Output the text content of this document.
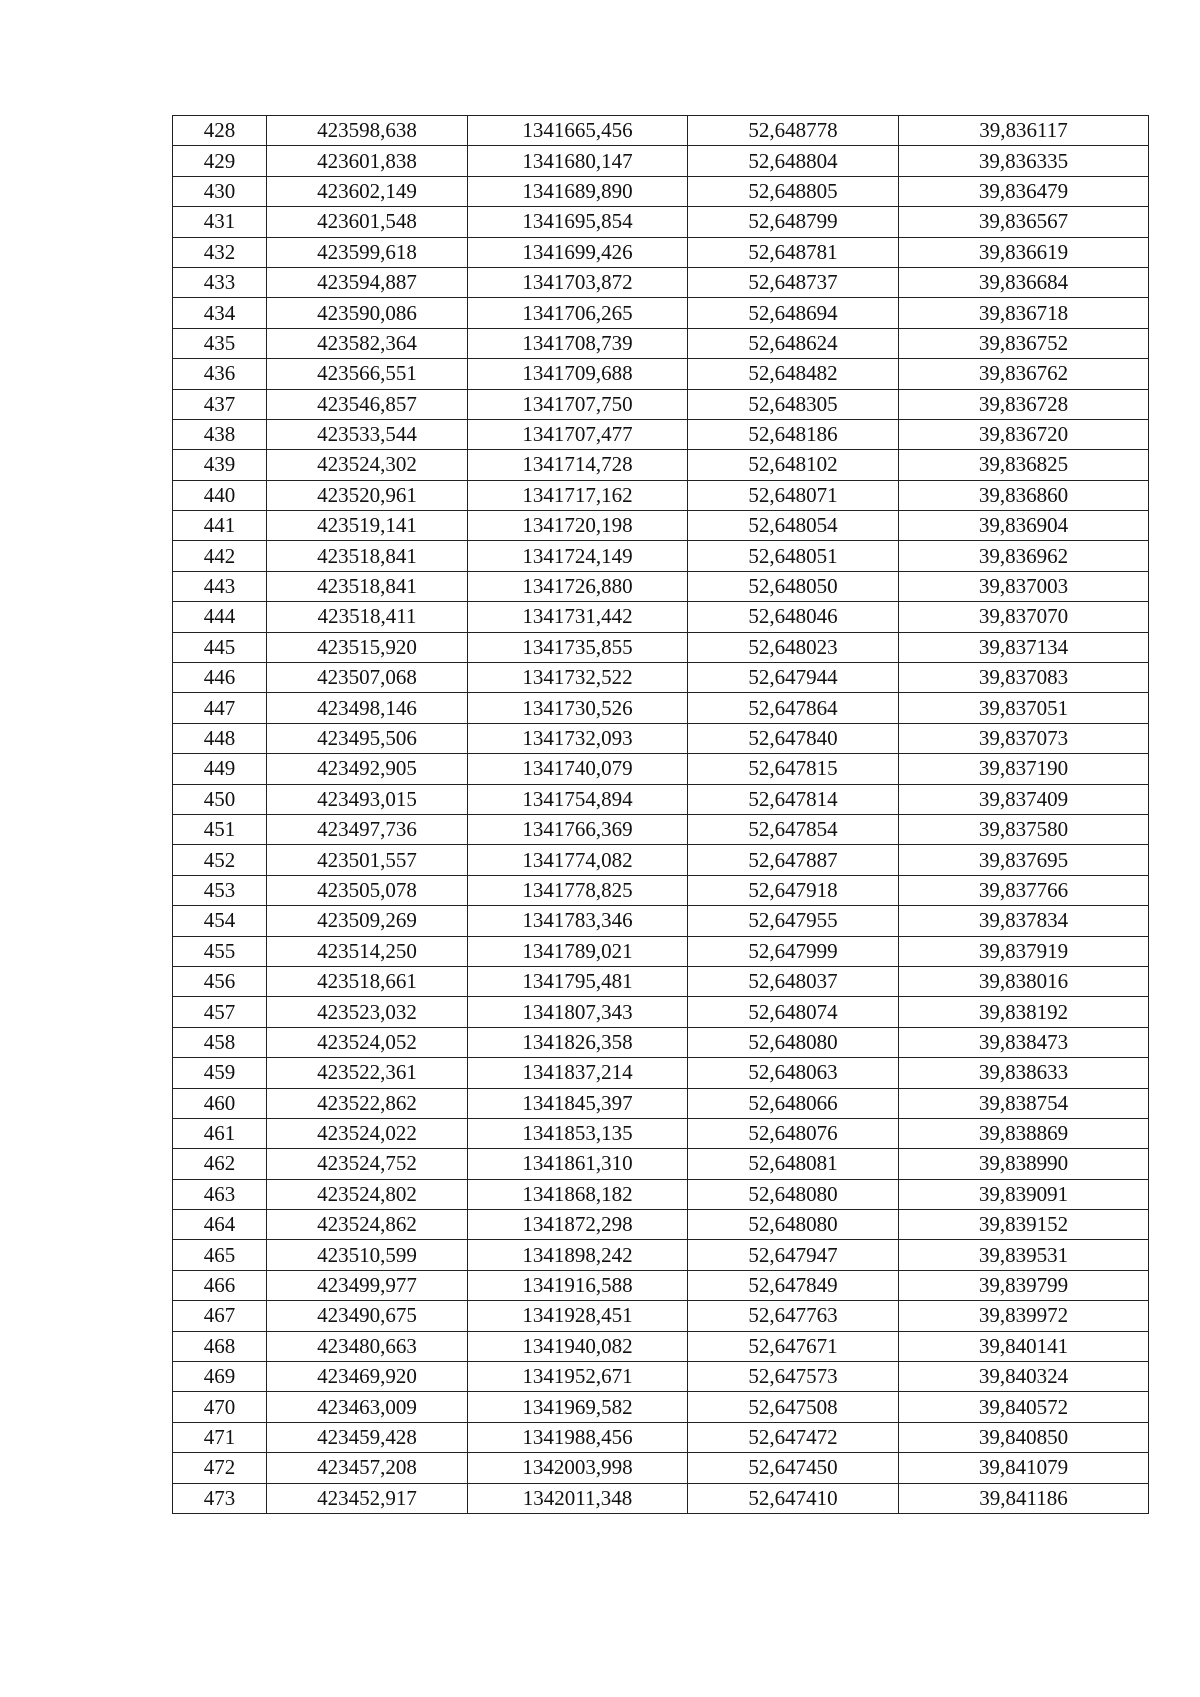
428	423598,638	1341665,456	52,648778	39,836117
429	423601,838	1341680,147	52,648804	39,836335
430	423602,149	1341689,890	52,648805	39,836479
431	423601,548	1341695,854	52,648799	39,836567
432	423599,618	1341699,426	52,648781	39,836619
433	423594,887	1341703,872	52,648737	39,836684
434	423590,086	1341706,265	52,648694	39,836718
435	423582,364	1341708,739	52,648624	39,836752
436	423566,551	1341709,688	52,648482	39,836762
437	423546,857	1341707,750	52,648305	39,836728
438	423533,544	1341707,477	52,648186	39,836720
439	423524,302	1341714,728	52,648102	39,836825
440	423520,961	1341717,162	52,648071	39,836860
441	423519,141	1341720,198	52,648054	39,836904
442	423518,841	1341724,149	52,648051	39,836962
443	423518,841	1341726,880	52,648050	39,837003
444	423518,411	1341731,442	52,648046	39,837070
445	423515,920	1341735,855	52,648023	39,837134
446	423507,068	1341732,522	52,647944	39,837083
447	423498,146	1341730,526	52,647864	39,837051
448	423495,506	1341732,093	52,647840	39,837073
449	423492,905	1341740,079	52,647815	39,837190
450	423493,015	1341754,894	52,647814	39,837409
451	423497,736	1341766,369	52,647854	39,837580
452	423501,557	1341774,082	52,647887	39,837695
453	423505,078	1341778,825	52,647918	39,837766
454	423509,269	1341783,346	52,647955	39,837834
455	423514,250	1341789,021	52,647999	39,837919
456	423518,661	1341795,481	52,648037	39,838016
457	423523,032	1341807,343	52,648074	39,838192
458	423524,052	1341826,358	52,648080	39,838473
459	423522,361	1341837,214	52,648063	39,838633
460	423522,862	1341845,397	52,648066	39,838754
461	423524,022	1341853,135	52,648076	39,838869
462	423524,752	1341861,310	52,648081	39,838990
463	423524,802	1341868,182	52,648080	39,839091
464	423524,862	1341872,298	52,648080	39,839152
465	423510,599	1341898,242	52,647947	39,839531
466	423499,977	1341916,588	52,647849	39,839799
467	423490,675	1341928,451	52,647763	39,839972
468	423480,663	1341940,082	52,647671	39,840141
469	423469,920	1341952,671	52,647573	39,840324
470	423463,009	1341969,582	52,647508	39,840572
471	423459,428	1341988,456	52,647472	39,840850
472	423457,208	1342003,998	52,647450	39,841079
473	423452,917	1342011,348	52,647410	39,841186
